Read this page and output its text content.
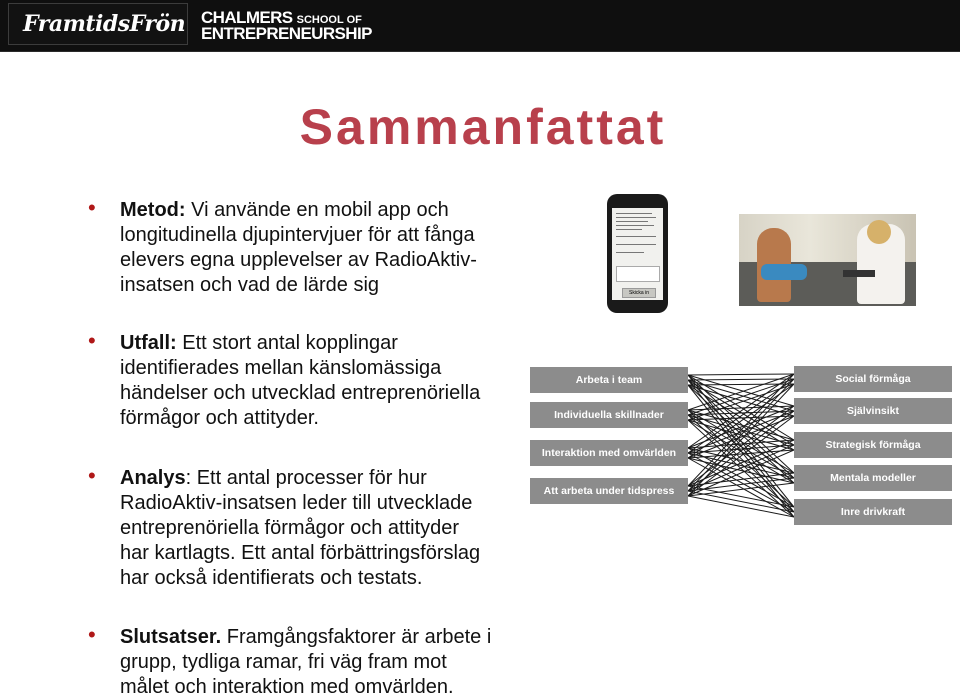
FramtidsFrön CHALMERS SCHOOL OF
ENTREPRENEURSHIP
Sammanfattat
• Metod: Vi använde en mobil app och
longitudinella djupintervjuer för att fånga
elevers egna upplevelser av RadioAktiv-
insatsen och vad de lärde sig
• Utfall: Ett stort antal kopplingar
identifierades mellan känslomässiga
händelser och utvecklad entreprenöriella
förmågor och attityder.
• Analys: Ett antal processer för hur
RadioAktiv-insatsen leder till utvecklade
entreprenöriella förmågor och attityder
har kartlagts. Ett antal förbättringsförslag
har också identifierats och testats.
• Slutsatser. Framgångsfaktorer är arbete i
grupp, tydliga ramar, fri väg fram mot
målet och interaktion med omvärlden.
Skicka in
Arbeta i team
Individuella skillnader
Interaktion med omvärlden
Att arbeta under tidspress
Social förmåga
Självinsikt
Strategisk förmåga
Mentala modeller
Inre drivkraft
